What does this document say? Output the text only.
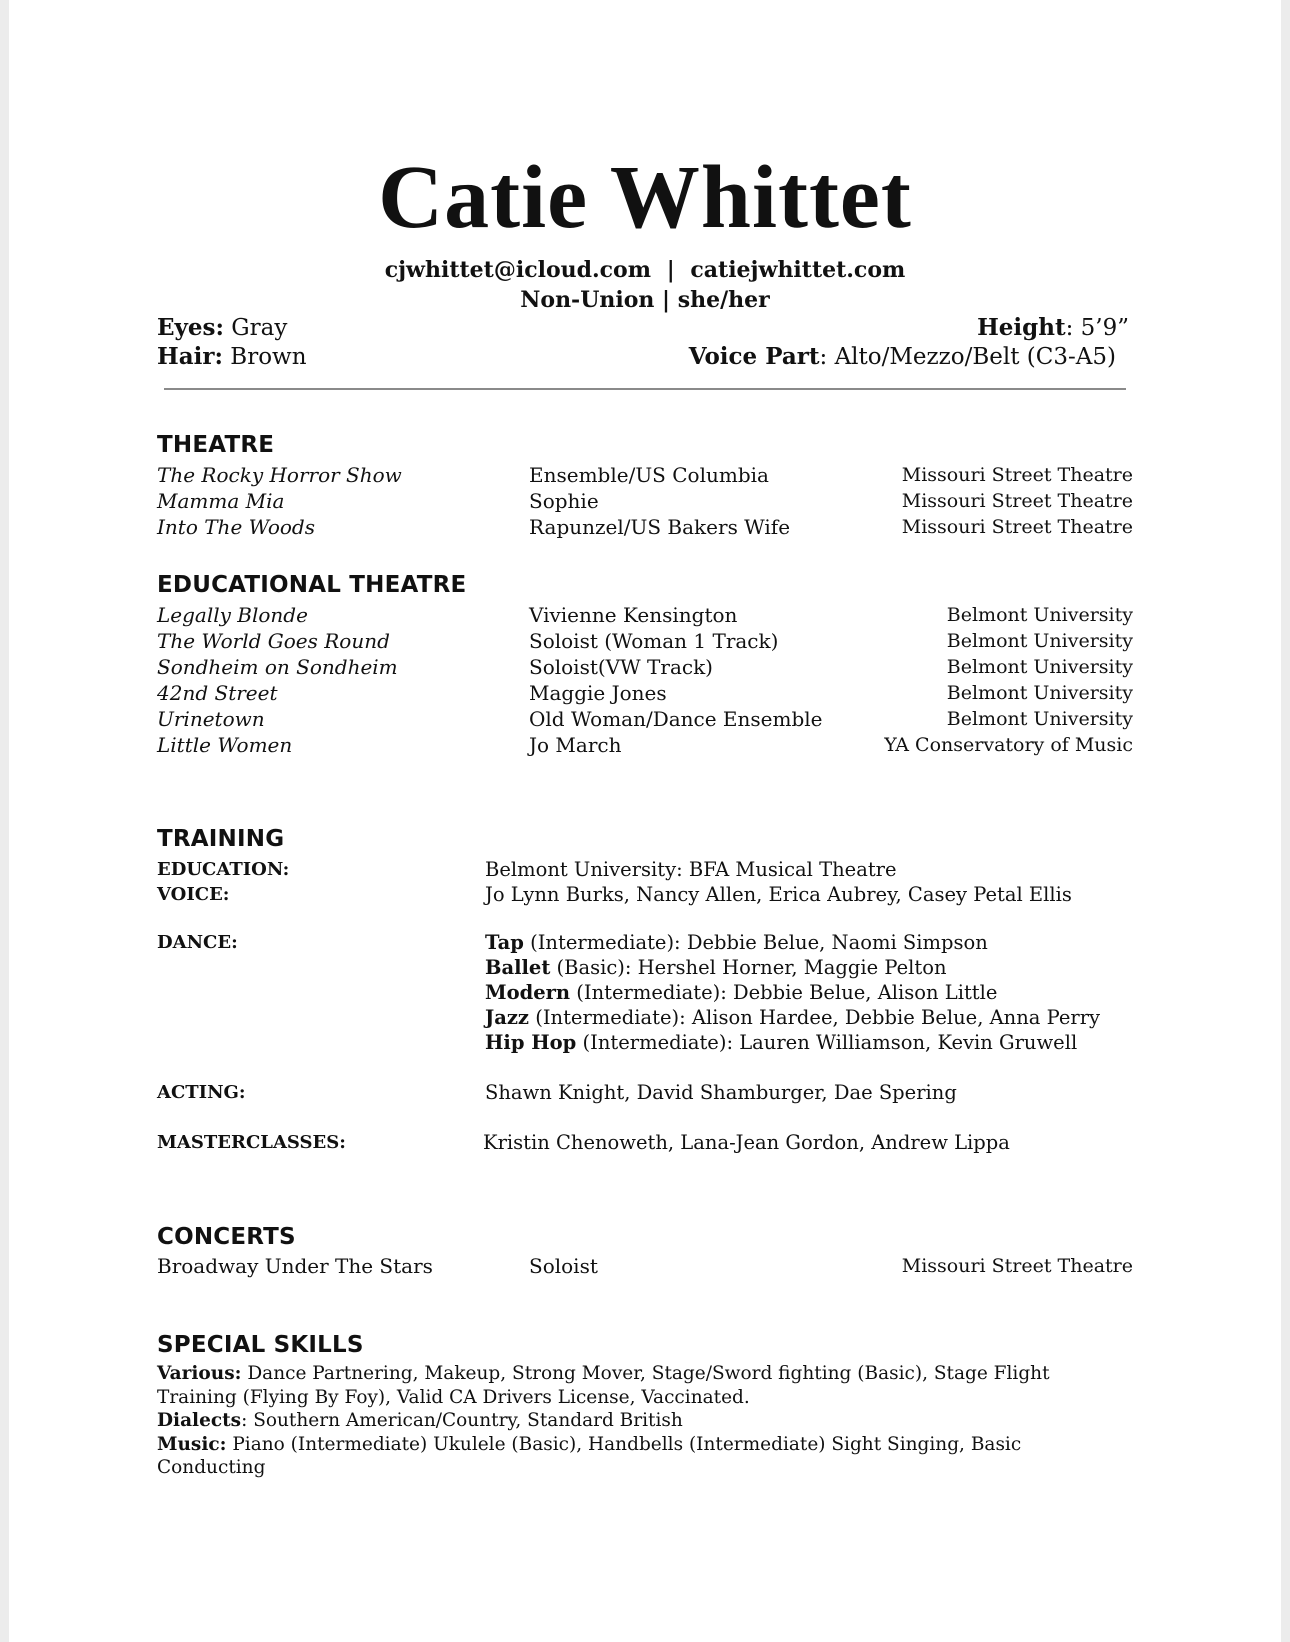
Catie Whittet
cjwhittet@icloud.com | catiejwhittet.com
Non-Union | she/her
Eyes: Gray
Hair: Brown
Height: 5’9”
Voice Part: Alto/Mezzo/Belt (C3-A5)
THEATRE
The Rocky Horror Show	Ensemble/US Columbia	Missouri Street Theatre
Mamma Mia	Sophie	Missouri Street Theatre
Into The Woods	Rapunzel/US Bakers Wife	Missouri Street Theatre
EDUCATIONAL THEATRE
Legally Blonde	Vivienne Kensington	Belmont University
The World Goes Round	Soloist (Woman 1 Track)	Belmont University
Sondheim on Sondheim	Soloist(VW Track)	Belmont University
42nd Street	Maggie Jones	Belmont University
Urinetown	Old Woman/Dance Ensemble	Belmont University
Little Women	Jo March	YA Conservatory of Music
TRAINING
EDUCATION:	Belmont University: BFA Musical Theatre
VOICE:	Jo Lynn Burks, Nancy Allen, Erica Aubrey, Casey Petal Ellis
DANCE:	Tap (Intermediate): Debbie Belue, Naomi Simpson
Ballet (Basic): Hershel Horner, Maggie Pelton
Modern (Intermediate): Debbie Belue, Alison Little
Jazz (Intermediate): Alison Hardee, Debbie Belue, Anna Perry
Hip Hop (Intermediate): Lauren Williamson, Kevin Gruwell
ACTING:	Shawn Knight, David Shamburger, Dae Spering
MASTERCLASSES:	Kristin Chenoweth, Lana-Jean Gordon, Andrew Lippa
CONCERTS
Broadway Under The Stars	Soloist	Missouri Street Theatre
SPECIAL SKILLS
Various: Dance Partnering, Makeup, Strong Mover, Stage/Sword fighting (Basic), Stage Flight Training (Flying By Foy), Valid CA Drivers License, Vaccinated.
Dialects: Southern American/Country, Standard British
Music: Piano (Intermediate) Ukulele (Basic), Handbells (Intermediate) Sight Singing, Basic Conducting
